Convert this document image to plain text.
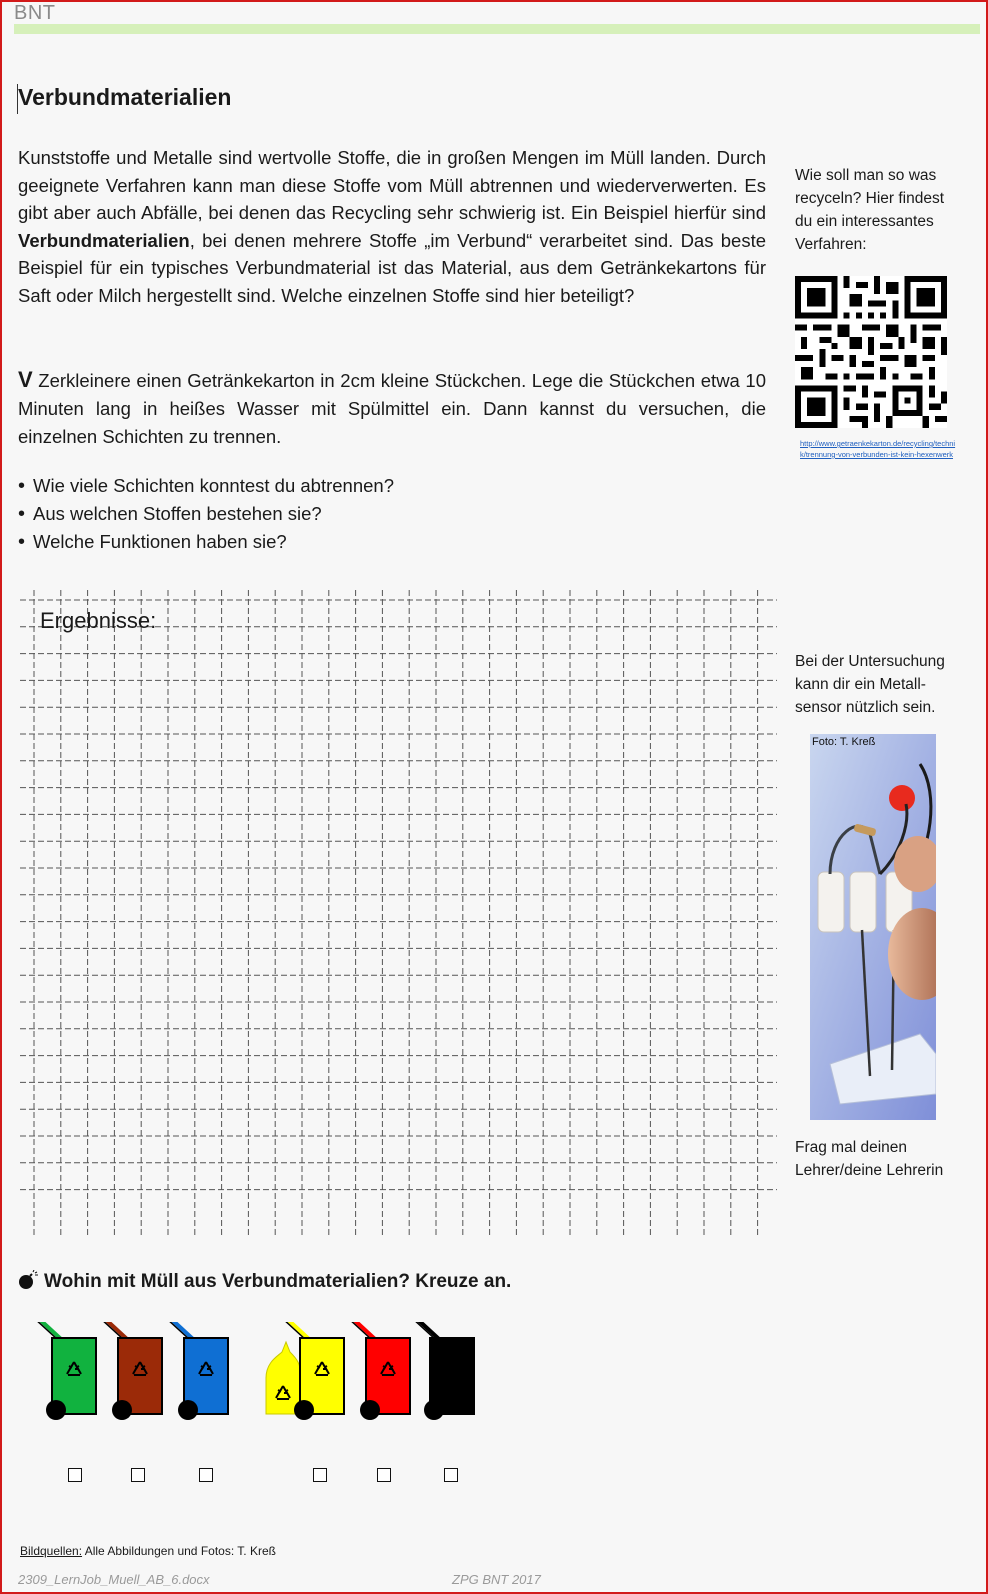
BNT
Verbundmaterialien
Kunststoffe und Metalle sind wertvolle Stoffe, die in großen Mengen im Müll landen. Durch geeignete Verfahren kann man diese Stoffe vom Müll abtrennen und wiederverwerten. Es gibt aber auch Abfälle, bei denen das Recycling sehr schwierig ist. Ein Beispiel hierfür sind Verbundmaterialien, bei denen mehrere Stoffe „im Verbund“ verarbeitet sind. Das beste Beispiel für ein typisches Verbundmaterial ist das Material, aus dem Getränkekartons für Saft oder Milch hergestellt sind. Welche einzelnen Stoffe sind hier beteiligt?
V Zerkleinere einen Getränkekarton in 2cm kleine Stückchen. Lege die Stückchen etwa 10 Minuten lang in heißes Wasser mit Spülmittel ein. Dann kannst du versuchen, die einzelnen Schichten zu trennen.
• Wie viele Schichten konntest du abtrennen?
• Aus welchen Stoffen bestehen sie?
• Welche Funktionen haben sie?
Wie soll man so was
recyceln? Hier findest
du ein interessantes
Verfahren:
http://www.getraenkekarton.de/recycling/technik/trennung-von-verbunden-ist-kein-hexenwerk
Bei der Untersuchung
kann dir ein Metall-
sensor nützlich sein.
Foto: T. Kreß
Frag mal deinen
Lehrer/deine Lehrerin
Ergebnisse:
Wohin mit Müll aus Verbundmaterialien? Kreuze an.
Bildquellen: Alle Abbildungen und Fotos: T. Kreß
2309_LernJob_Muell_AB_6.docx	ZPG BNT 2017
